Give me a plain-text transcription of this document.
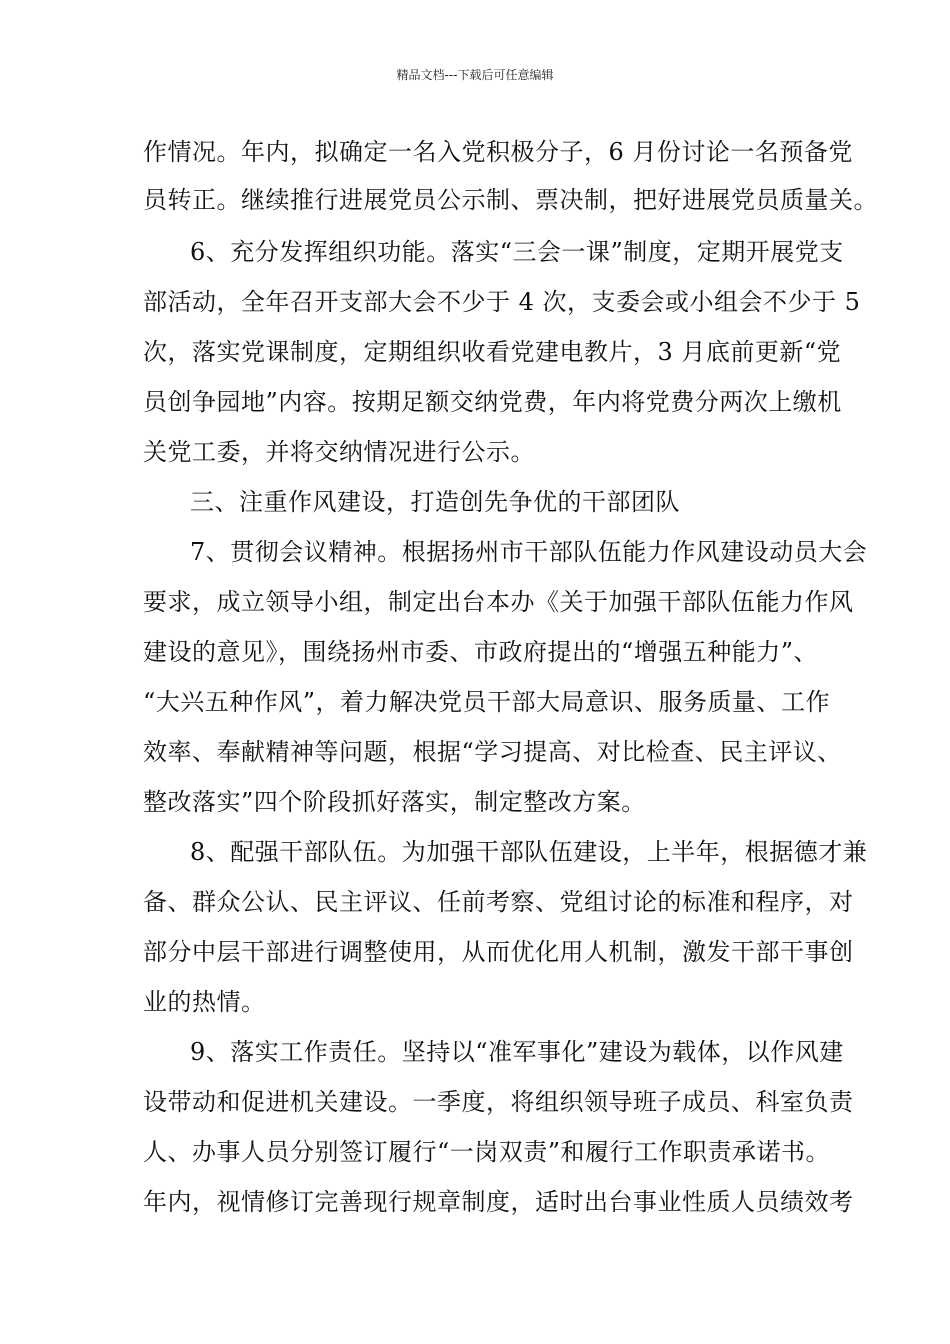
精品文档---下载后可任意编辑
作情况。年内，拟确定一名入党积极分子，6 月份讨论一名预备党
员转正。继续推行进展党员公示制、票决制，把好进展党员质量关。
6、充分发挥组织功能。落实“三会一课”制度，定期开展党支
部活动，全年召开支部大会不少于 4 次，支委会或小组会不少于 5
次，落实党课制度，定期组织收看党建电教片，3 月底前更新“党
员创争园地”内容。按期足额交纳党费，年内将党费分两次上缴机
关党工委，并将交纳情况进行公示。
三、注重作风建设，打造创先争优的干部团队
7、贯彻会议精神。根据扬州市干部队伍能力作风建设动员大会
要求，成立领导小组，制定出台本办《关于加强干部队伍能力作风
建设的意见》，围绕扬州市委、市政府提出的“增强五种能力”、
“大兴五种作风”，着力解决党员干部大局意识、服务质量、工作
效率、奉献精神等问题，根据“学习提高、对比检查、民主评议、
整改落实”四个阶段抓好落实，制定整改方案。
8、配强干部队伍。为加强干部队伍建设，上半年，根据德才兼
备、群众公认、民主评议、任前考察、党组讨论的标准和程序，对
部分中层干部进行调整使用，从而优化用人机制，激发干部干事创
业的热情。
9、落实工作责任。坚持以“准军事化”建设为载体，以作风建
设带动和促进机关建设。一季度，将组织领导班子成员、科室负责
人、办事人员分别签订履行“一岗双责”和履行工作职责承诺书。
年内，视情修订完善现行规章制度，适时出台事业性质人员绩效考
